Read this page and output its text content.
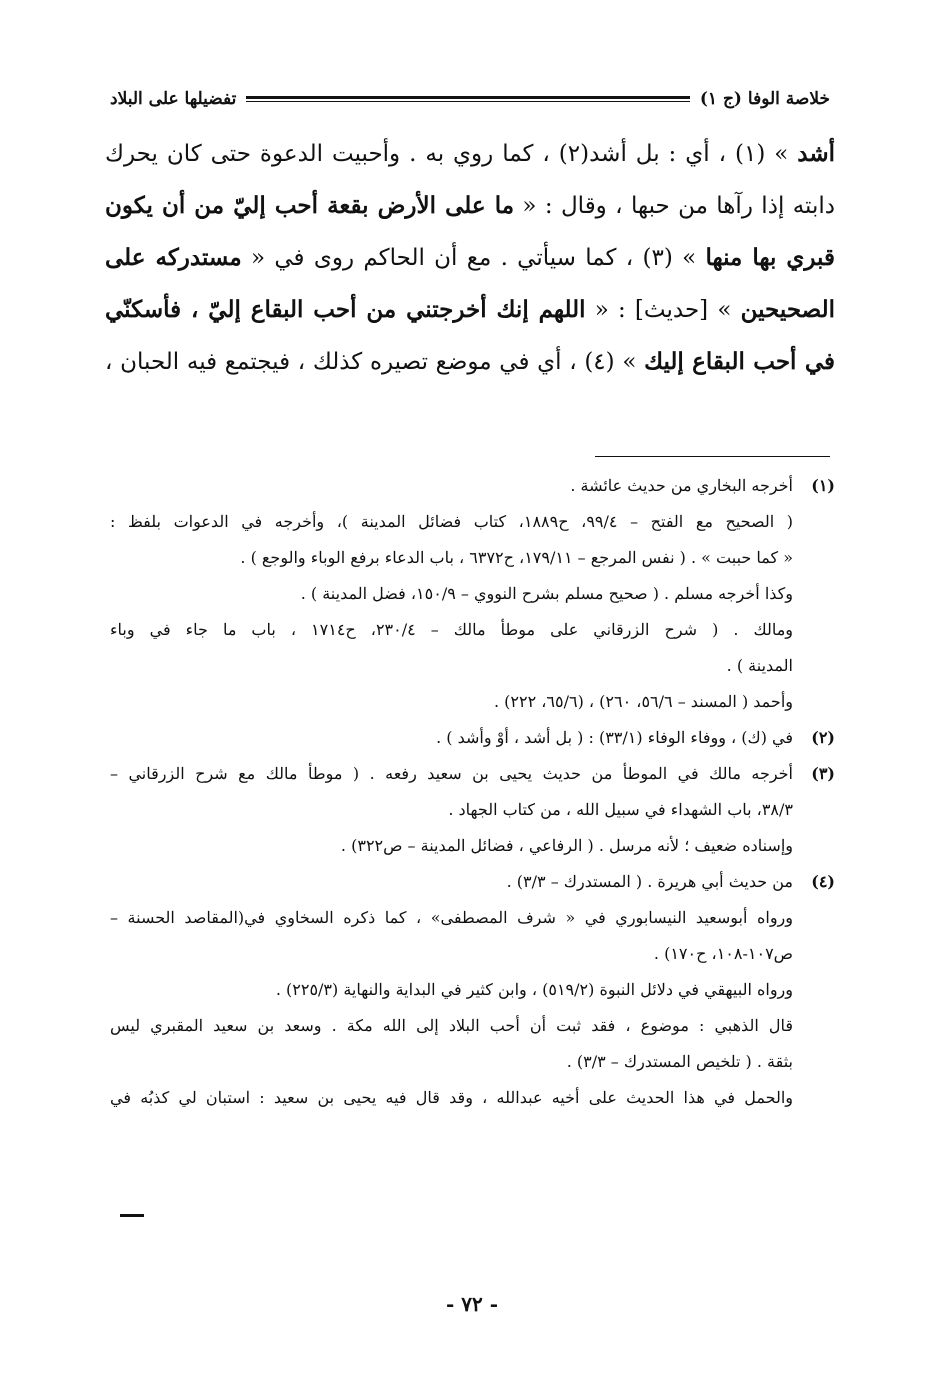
خلاصة الوفا (ج ١)
تفضيلها على البلاد

أشد » (١) ، أي : بل أشد(٢) ، كما روي به . وأحبيت الدعوة حتى كان يحرك

دابته إذا رآها من حبها ، وقال : « ما على الأرض بقعة أحب إليّ من أن يكون

قبري بها منها » (٣) ، كما سيأتي . مع أن الحاكم روى في « مستدركه على

الصحيحين » [حديث] : « اللهم إنك أخرجتني من أحب البقاع إليّ ، فأسكنّي

في أحب البقاع إليك » (٤) ، أي في موضع تصيره كذلك ، فيجتمع فيه الحبان ،

(١)
أخرجه البخاري من حديث عائشة .
( الصحيح مع الفتح – ٩٩/٤، ح١٨٨٩، كتاب فضائل المدينة )، وأخرجه في الدعوات بلفظ :
« كما حببت » . ( نفس المرجع – ١٧٩/١١، ح٦٣٧٢ ، باب الدعاء برفع الوباء والوجع ) .
وكذا أخرجه مسلم . ( صحيح مسلم بشرح النووي – ١٥٠/٩، فضل المدينة ) .
ومالك . ( شرح الزرقاني على موطأ مالك – ٢٣٠/٤، ح١٧١٤ ، باب ما جاء في وباء
المدينة ) .
وأحمد ( المسند – ٥٦/٦، ٢٦٠) ، (٦٥/٦، ٢٢٢) .
(٢)
في (ك) ، ووفاء الوفاء (٣٣/١) : ( بل أشد ، أوْ وأشد ) .
(٣)
أخرجه مالك في الموطأ من حديث يحيى بن سعيد رفعه . ( موطأ مالك مع شرح الزرقاني –
٣٨/٣، باب الشهداء في سبيل الله ، من كتاب الجهاد .
وإسناده ضعيف ؛ لأنه مرسل . ( الرفاعي ، فضائل المدينة – ص٣٢٢) .
(٤)
من حديث أبي هريرة . ( المستدرك – ٣/٣) .
ورواه أبوسعيد النيسابوري في « شرف المصطفى» ، كما ذكره السخاوي في(المقاصد الحسنة –
ص١٠٧-١٠٨، ح١٧٠) .
ورواه البيهقي في دلائل النبوة (٥١٩/٢) ، وابن كثير في البداية والنهاية (٢٢٥/٣) .
قال الذهبي : موضوع ، فقد ثبت أن أحب البلاد إلى الله مكة . وسعد بن سعيد المقبري ليس
بثقة . ( تلخيص المستدرك – ٣/٣) .
والحمل في هذا الحديث على أخيه عبدالله ، وقد قال فيه يحيى بن سعيد : استبان لي كذبُه في
- ٧٢ -
